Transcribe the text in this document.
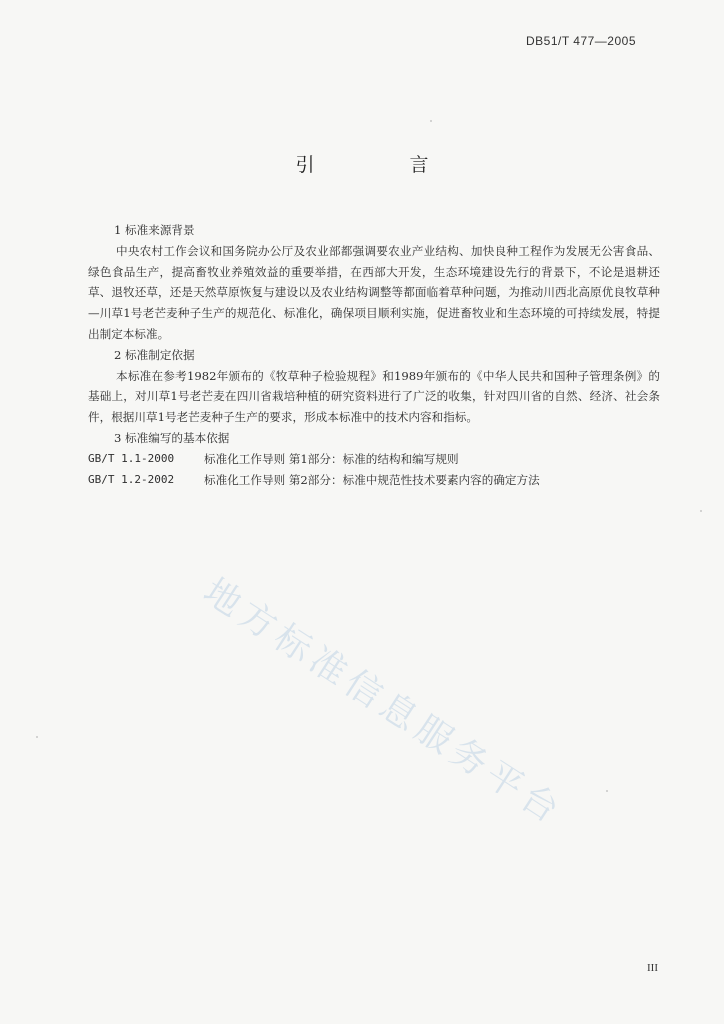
DB51/T 477—2005
引　言
1 标准来源背景

中央农村工作会议和国务院办公厅及农业部都强调要农业产业结构、加快良种工程作为发展无公害食品、绿色食品生产，提高畜牧业养殖效益的重要举措，在西部大开发，生态环境建设先行的背景下，不论是退耕还草、退牧还草，还是天然草原恢复与建设以及农业结构调整等都面临着草种问题，为推动川西北高原优良牧草种—川草1号老芒麦种子生产的规范化、标准化，确保项目顺利实施，促进畜牧业和生态环境的可持续发展，特提出制定本标准。

2 标准制定依据

本标准在参考1982年颁布的《牧草种子检验规程》和1989年颁布的《中华人民共和国种子管理条例》的基础上，对川草1号老芒麦在四川省栽培种植的研究资料进行了广泛的收集，针对四川省的自然、经济、社会条件，根据川草1号老芒麦种子生产的要求，形成本标准中的技术内容和指标。

3 标准编写的基本依据
GB/T 1.1-2000	标准化工作导则 第1部分：标准的结构和编写规则
GB/T 1.2-2002	标准化工作导则 第2部分：标准中规范性技术要素内容的确定方法
地方标准信息服务平台
III
